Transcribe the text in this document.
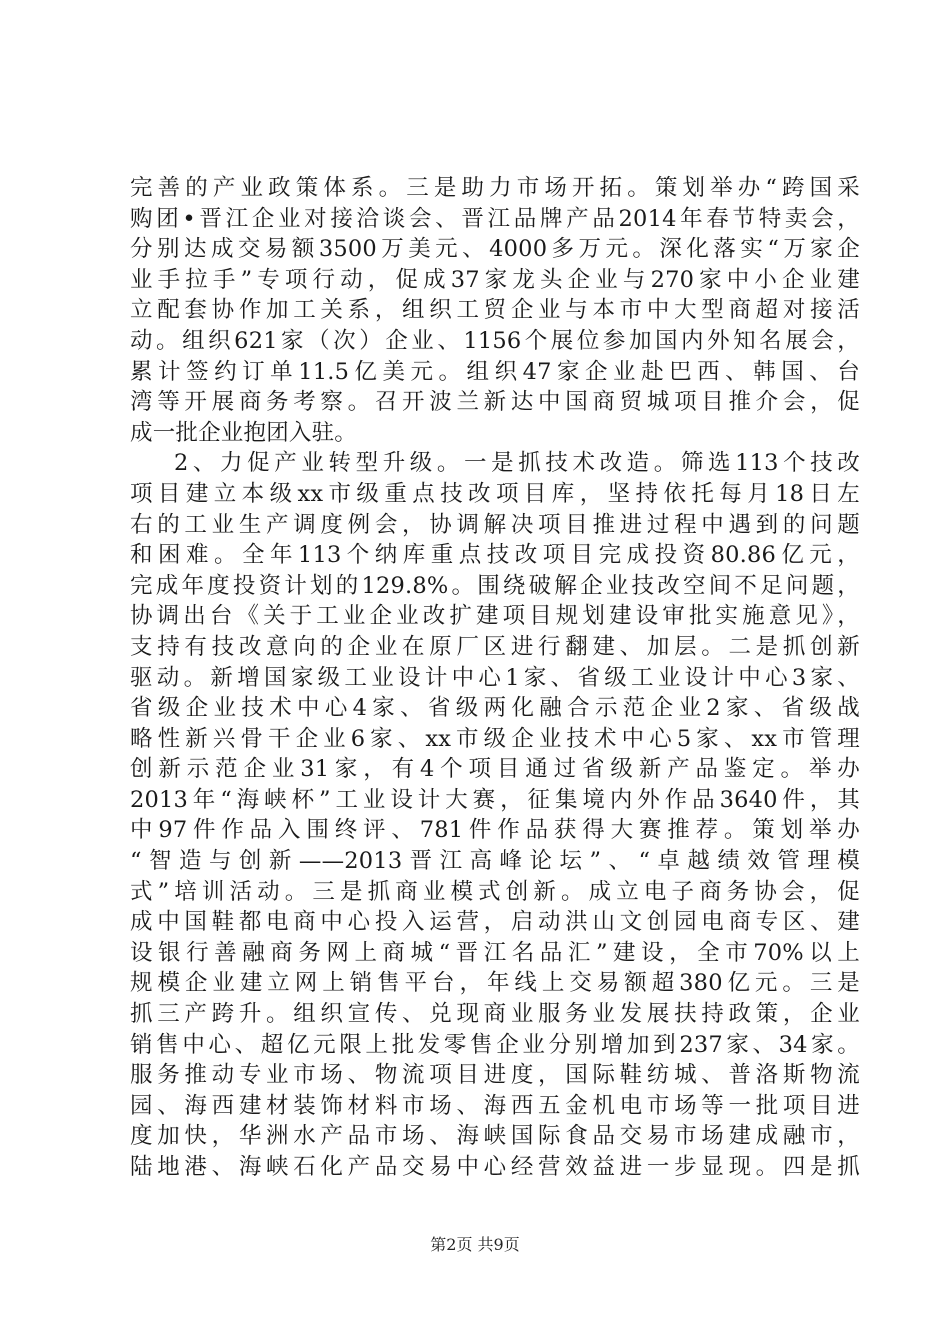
完善的产业政策体系。三是助力市场开拓。策划举办“跨国采
购团•晋江企业对接洽谈会、晋江品牌产品2014年春节特卖会，
分别达成交易额3500万美元、4000多万元。深化落实“万家企
业手拉手”专项行动，促成37家龙头企业与270家中小企业建
立配套协作加工关系，组织工贸企业与本市中大型商超对接活
动。组织621家（次）企业、1156个展位参加国内外知名展会，
累计签约订单11.5亿美元。组织47家企业赴巴西、韩国、台
湾等开展商务考察。召开波兰新达中国商贸城项目推介会，促
成一批企业抱团入驻。
2、力促产业转型升级。一是抓技术改造。筛选113个技改
项目建立本级xx市级重点技改项目库，坚持依托每月18日左
右的工业生产调度例会，协调解决项目推进过程中遇到的问题
和困难。全年113个纳库重点技改项目完成投资80.86亿元，
完成年度投资计划的129.8%。围绕破解企业技改空间不足问题，
协调出台《关于工业企业改扩建项目规划建设审批实施意见》，
支持有技改意向的企业在原厂区进行翻建、加层。二是抓创新
驱动。新增国家级工业设计中心1家、省级工业设计中心3家、
省级企业技术中心4家、省级两化融合示范企业2家、省级战
略性新兴骨干企业6家、xx市级企业技术中心5家、xx市管理
创新示范企业31家，有4个项目通过省级新产品鉴定。举办
2013年“海峡杯”工业设计大赛，征集境内外作品3640件，其
中97件作品入围终评、781件作品获得大赛推荐。策划举办
“智造与创新——2013晋江高峰论坛”、“卓越绩效管理模
式”培训活动。三是抓商业模式创新。成立电子商务协会，促
成中国鞋都电商中心投入运营，启动洪山文创园电商专区、建
设银行善融商务网上商城“晋江名品汇”建设，全市70%以上
规模企业建立网上销售平台，年线上交易额超380亿元。三是
抓三产跨升。组织宣传、兑现商业服务业发展扶持政策，企业
销售中心、超亿元限上批发零售企业分别增加到237家、34家。
服务推动专业市场、物流项目进度，国际鞋纺城、普洛斯物流
园、海西建材装饰材料市场、海西五金机电市场等一批项目进
度加快，华洲水产品市场、海峡国际食品交易市场建成融市，
陆地港、海峡石化产品交易中心经营效益进一步显现。四是抓
第2页 共9页
